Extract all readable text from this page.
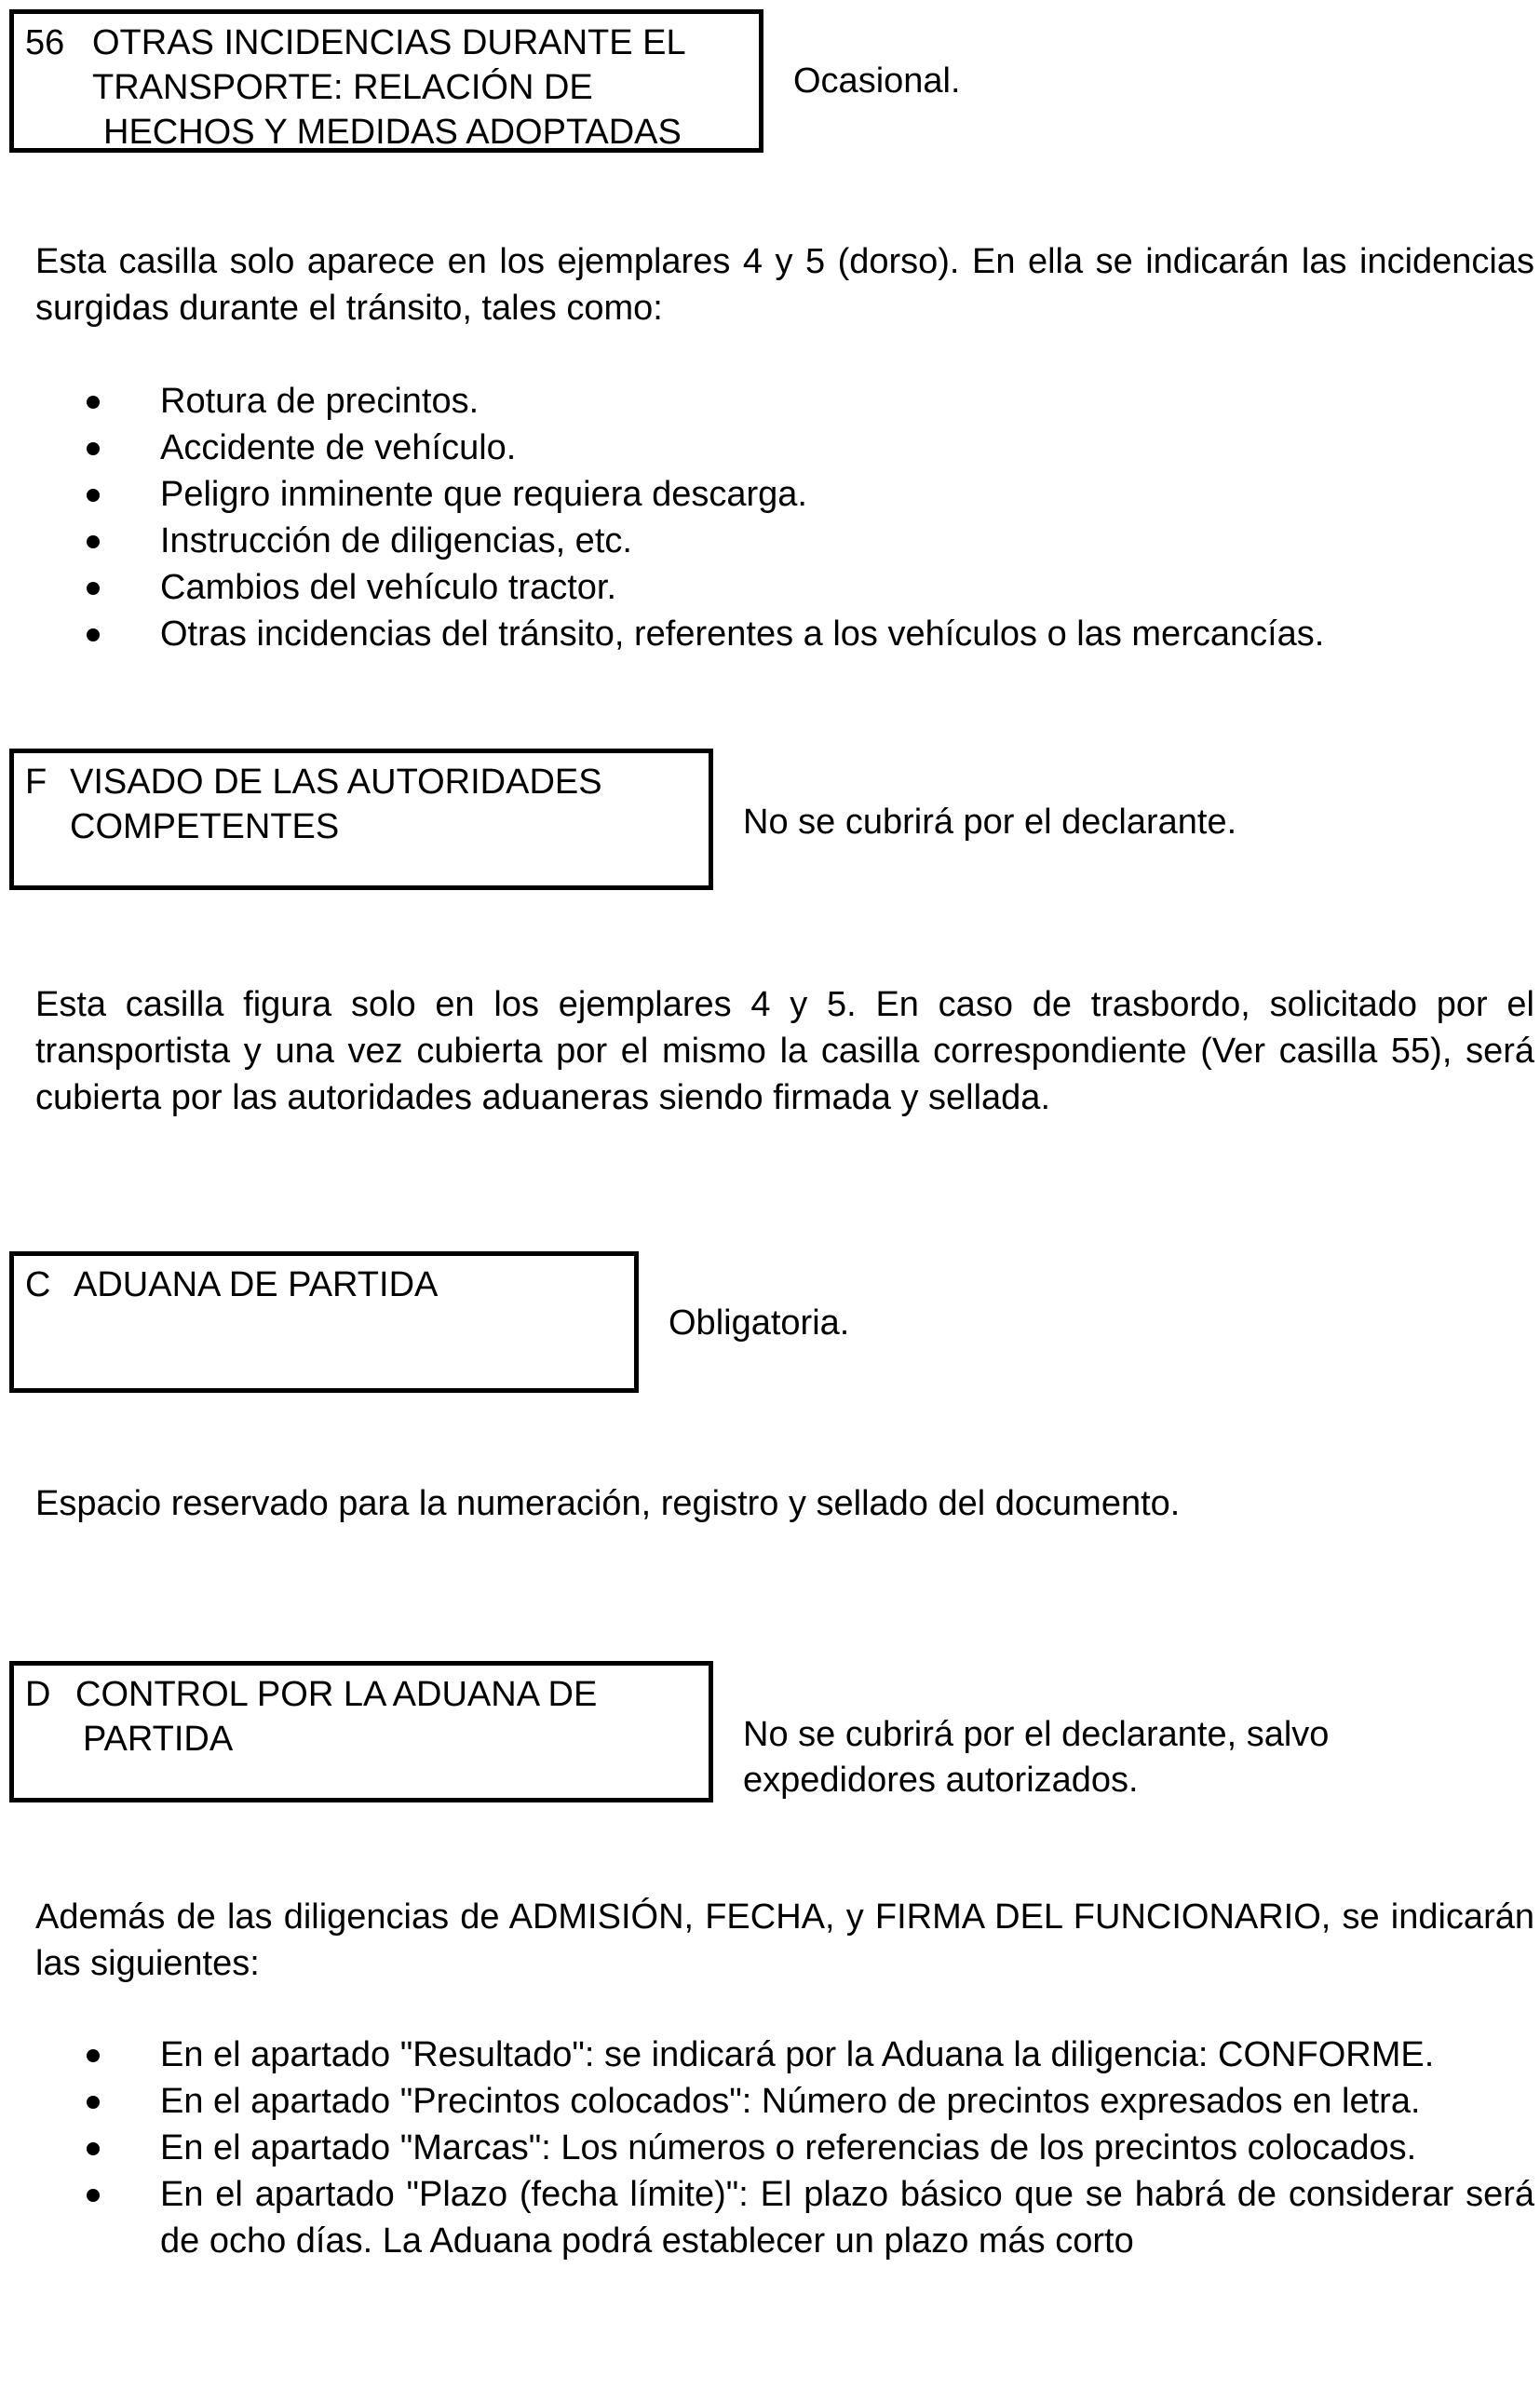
56 OTRAS INCIDENCIAS DURANTE EL
TRANSPORTE: RELACIÓN DE
HECHOS Y MEDIDAS ADOPTADAS
Ocasional.
Esta casilla solo aparece en los ejemplares 4 y 5 (dorso). En ella se indicarán las incidencias surgidas durante el tránsito, tales como:
Rotura de precintos.
Accidente de vehículo.
Peligro inminente que requiera descarga.
Instrucción de diligencias, etc.
Cambios del vehículo tractor.
Otras incidencias del tránsito, referentes a los vehículos o las mercancías.
F VISADO DE LAS AUTORIDADES
COMPETENTES	No se cubrirá por el declarante.
Esta casilla figura solo en los ejemplares 4 y 5. En caso de trasbordo, solicitado por el transportista y una vez cubierta por el mismo la casilla correspondiente (Ver casilla 55), será cubierta por las autoridades aduaneras siendo firmada y sellada.
C ADUANA DE PARTIDA
Obligatoria.
Espacio reservado para la numeración, registro y sellado del documento.
D CONTROL POR LA ADUANA DE
PARTIDA	No se cubrirá por el declarante, salvo
expedidores autorizados.
Además de las diligencias de ADMISIÓN, FECHA, y FIRMA DEL FUNCIONARIO, se indicarán las siguientes:
En el apartado "Resultado": se indicará por la Aduana la diligencia: CONFORME.
En el apartado "Precintos colocados": Número de precintos expresados en letra.
En el apartado "Marcas": Los números o referencias de los precintos colocados.
En el apartado "Plazo (fecha límite)": El plazo básico que se habrá de considerar será de ocho días. La Aduana podrá establecer un plazo más corto
